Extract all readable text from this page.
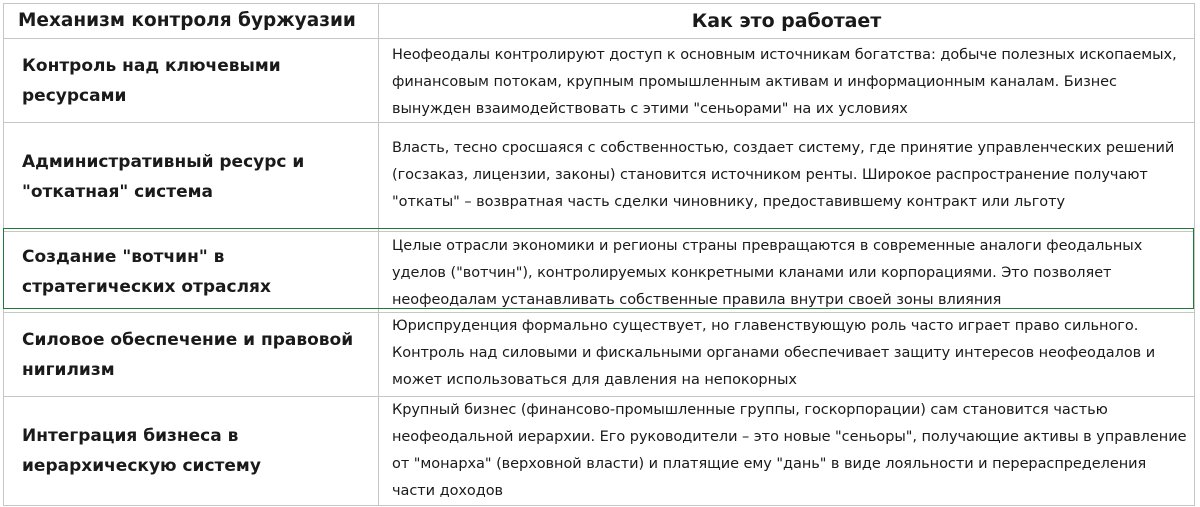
Механизм контроля буржуазии	Как это работает
Контроль над ключевыми ресурсами
Неофеодалы контролируют доступ к основным источникам богатства: добыче полезных ископаемых, финансовым потокам, крупным промышленным активам и информационным каналам. Бизнес вынужден взаимодействовать с этими "сеньорами" на их условиях
Административный ресурс и "откатная" система
Власть, тесно сросшаяся с собственностью, создает систему, где принятие управленческих решений (госзаказ, лицензии, законы) становится источником ренты. Широкое распространение получают "откаты" – возвратная часть сделки чиновнику, предоставившему контракт или льготу
Создание "вотчин" в стратегических отраслях
Целые отрасли экономики и регионы страны превращаются в современные аналоги феодальных уделов ("вотчин"), контролируемых конкретными кланами или корпорациями. Это позволяет неофеодалам устанавливать собственные правила внутри своей зоны влияния
Силовое обеспечение и правовой нигилизм
Юриспруденция формально существует, но главенствующую роль часто играет право сильного. Контроль над силовыми и фискальными органами обеспечивает защиту интересов неофеодалов и может использоваться для давления на непокорных
Интеграция бизнеса в иерархическую систему
Крупный бизнес (финансово-промышленные группы, госкорпорации) сам становится частью неофеодальной иерархии. Его руководители – это новые "сеньоры", получающие активы в управление от "монарха" (верховной власти) и платящие ему "дань" в виде лояльности и перераспределения части доходов
